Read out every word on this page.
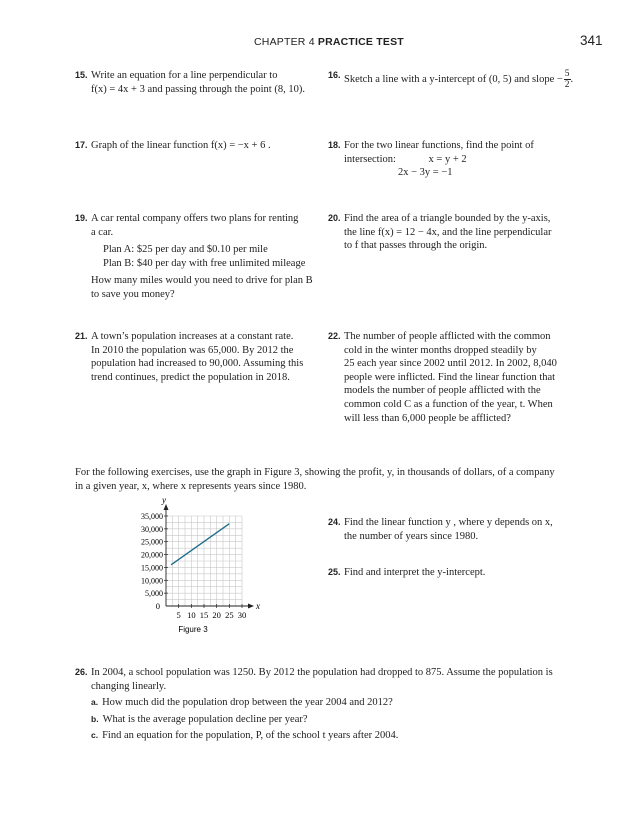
CHAPTER 4 PRACTICE TEST	341
15. Write an equation for a line perpendicular to
f(x) = 4x + 3 and passing through the point (8, 10).
16. Sketch a line with a y-intercept of (0, 5) and slope − $\frac{5}{2}$ .
17. Graph of the linear function f(x) = −x + 6 .	18. For the two linear functions, find the point of
intersection:	x = y + 2
2x − 3y = −1
19. A car rental company offers two plans for renting
a car.
Plan A: $25 per day and $0.10 per mile
Plan B: $40 per day with free unlimited mileage
How many miles would you need to drive for plan B
to save you money?
20. Find the area of a triangle bounded by the y-axis,
the line f(x) = 12 − 4x, and the line perpendicular
to f that passes through the origin.
21. A town’s population increases at a constant rate.
In 2010 the population was 65,000. By 2012 the
population had increased to 90,000. Assuming this
trend continues, predict the population in 2018.
22. The number of people afflicted with the common
cold in the winter months dropped steadily by
25 each year since 2002 until 2012. In 2002, 8,040
people were inflicted. Find the linear function that
models the number of people afflicted with the
common cold C as a function of the year, t. When
will less than 6,000 people be afflicted?
For the following exercises, use the graph in Figure 3, showing the profit, y, in thousands of dollars, of a company
in a given year, x, where x represents years since 1980.
y
x
0
5 10 15 20 25 30
5,000
10,000
15,000
20,000
25,000
30,000
35,000
Figure 3
24. Find the linear function y , where y depends on x,
the number of years since 1980.
25. Find and interpret the y-intercept.
26. In 2004, a school population was 1250. By 2012 the population had dropped to 875. Assume the population is
changing linearly.
a. How much did the population drop between the year 2004 and 2012?
b. What is the average population decline per year?
c. Find an equation for the population, P, of the school t years after 2004.
